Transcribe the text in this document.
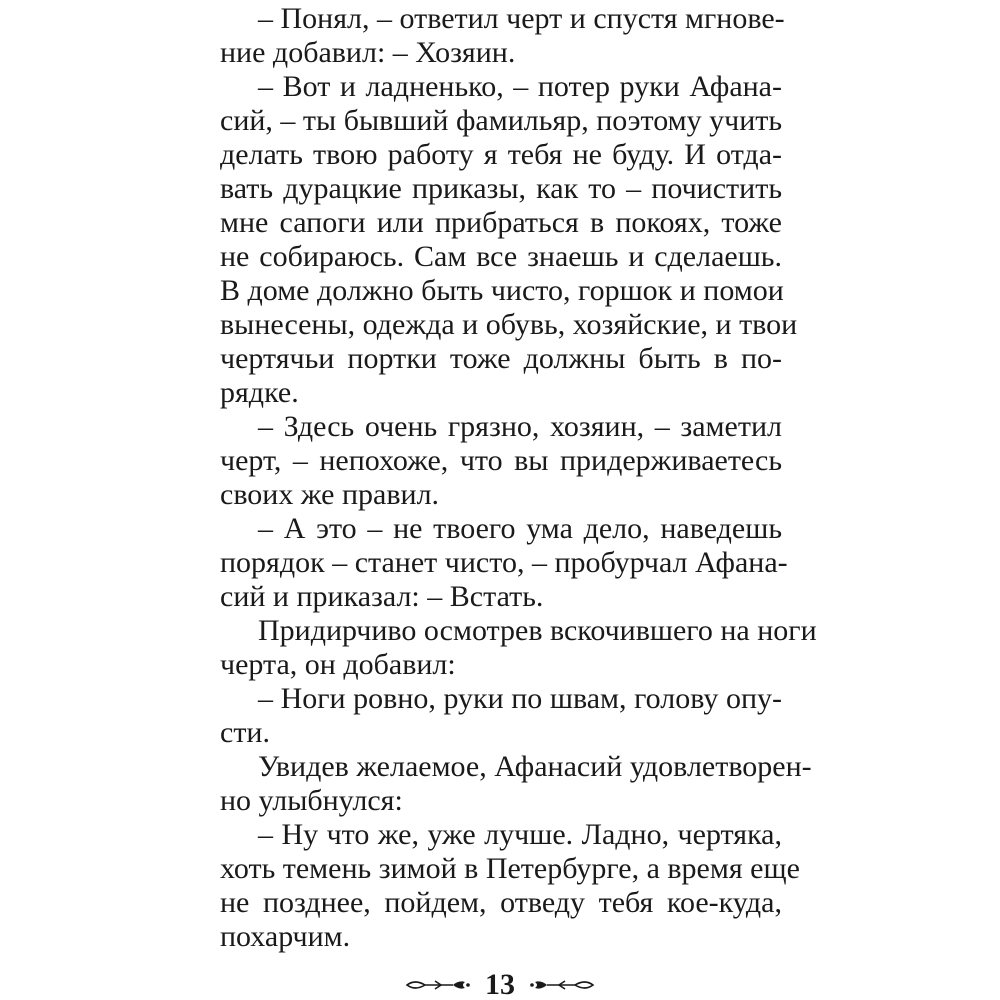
– Понял, – ответил черт и спустя мгнове-
ние добавил: – Хозяин.
– Вот и ладненько, – потер руки Афана-
сий, – ты бывший фамильяр, поэтому учить
делать твою работу я тебя не буду. И отда-
вать дурацкие приказы, как то – почистить
мне сапоги или прибраться в покоях, тоже
не собираюсь. Сам все знаешь и сделаешь.
В доме должно быть чисто, горшок и помои
вынесены, одежда и обувь, хозяйские, и твои
чертячьи портки тоже должны быть в по-
рядке.
– Здесь очень грязно, хозяин, – заметил
черт, – непохоже, что вы придерживаетесь
своих же правил.
– А это – не твоего ума дело, наведешь
порядок – станет чисто, – пробурчал Афана-
сий и приказал: – Встать.
Придирчиво осмотрев вскочившего на ноги
черта, он добавил:
– Ноги ровно, руки по швам, голову опу-
сти.
Увидев желаемое, Афанасий удовлетворен-
но улыбнулся:
– Ну что же, уже лучше. Ладно, чертяка,
хоть темень зимой в Петербурге, а время еще
не позднее, пойдем, отведу тебя кое-куда,
похарчим.
13
